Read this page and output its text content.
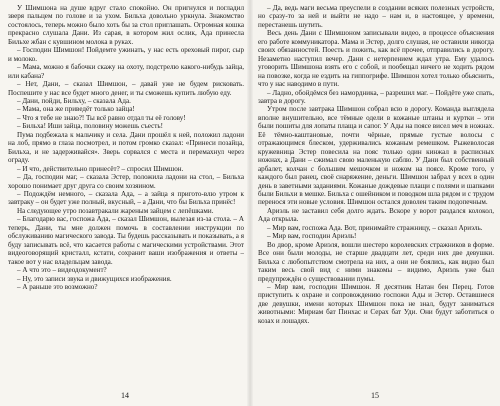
У Шимшона на душе вдруг стало спокойно. Он пригнулся и погладил зверя пальцем по голове и за ухом. Бильха довольно уркнула. Знакомство состоялось, теперь можно было хоть бы за стол приглашать. Огромная кошка прекрасно слушала Дани. Из сарая, в котором жил ослик, Ада принесла Бильхе жбан с кувшином молока в руках.

– Господин Шимшон! Пойдемте ужинать, у нас есть ореховый пирог, сыр и молоко.

– Мама, можно я бабочки скажу на охоту, подстрелю какого-нибудь зайца, или кабана?

– Нет, Дани, – сказал Шимшон, – давай уже не будем рисковать. Поспешите у нас все будет много денег, и ты сможешь купить любую еду.

– Дани, пойди, Бильху, – сказала Ада.

– Мама, она же приведёт только зайца!

– Что я тебе не знаю?! Ты всё равно отдал ты её голову!

– Бильха! Иши зайца, половину можешь съесть!

Пума подбежала к мальчику и села. Дани прошёл к ней, положил ладони на лоб, прямо в глаза посмотрел, и потом громко сказал: «Принеси позайца, Бильха, и не задерживайся». Зверь сорвался с места и перемахнул через ограду.

– И что, действительно принесёт? – спросил Шимшон.

– Да, господин маг, – сказала Эстер, положила ладони на стол, – Бильха хорошо понимает друг друга со своим хозяином.

– Подождём немного, – сказала Ада, – а зайца я пригото-влю утром к завтраку – он будет уже полный, вкусный, – а Дани, что бы Бильха принёс!

На следующее утро позавтракали жареным зайцем с лепёшками.

– Благодарю вас, госпожа Ада, – сказал Шимшон, вылезая из-за стола. – А теперь, Дани, ты мне должен помочь в составлении инструкции по обслуживанию магического завода. Ты будешь рассказывать и показывать, а я буду записывать всё, что касается работы с магическими устройствами. Этот видеоговорящий кристалл, кстати, сохранит ваши изображения и ответы – такое вот у нас владельцам завода.

– А что это – видеодокумент?

– Ну, это записи звука и движущихся изображения.

– А раньше это возможно?

14

– Да, ведь маги весьма преуспели в создании всяких полезных устройств, но сразу-то за ней и выйти не надо – нам и, в настоящее, у времени, перестанешь шутить.

Весь день Дани с Шимшоном записывали видео, в процессе объяснения его работе коммуникатора. Мама и Эстер, долго слушая, не оставили никогда своих обязанностей. Поесть и пожить, как всё прочее, отправились в дорогу. Незаметно наступил вечер. Дани с нетерпением ждал утра. Ему удалось уговорить Шимшона взять его с собой, и пообещал ничего не ходить рядом на повозке, когда не ездить на гиппогрифе. Шимшон хотел только обьяснить, что у нас наводимо в пути.

– Ладно, обойдёмся без намордника, – разрешил маг. – Пойдёте уже спать, завтра в дорогу.

Утром после завтрака Шимшон собрал всю в дорогу. Команда выглядела вполне внушительно, все тёмные одели в кожаные штаны и куртки – эти были пошиты для лопаты плаща и сапог. У Ады на поясе висел меч в ножнах. Её тёмно-каштановые, почти чёрные, прямые густые волосы с отражающимся блеском, удерживались кожаным ремешком. Рыжеволосая кружевница Эстер повесила на пояс только один кинжал в расписных ножнах, а Дани – сжимал свою маленькую саблю. У Дани был собственный арбалет, колчан с большим мешочком и ножом на поясе. Кроме того, у каждого был ранец, своё снаряжение, деньги. Шимшон забрал у всех в один день в заветными заданиями. Кожаные дождевые плащи с полями и шапками были Бильхи в мешке. Бильха с ошейником и поводком шла рядом и с трудом перенося эти новые условия. Шимшон остался доволен таким подопечным.

Ариэль не заставил себя долго ждать. Вскоре у ворот раздался колокол, Ада открыла.

– Мир вам, госпожа Ада. Вот, принимайте стражницу, – сказал Ариэль.

– Мир вам, господин Ариэль!

Во двор, кроме Ариэля, вошли шестеро королевских стражников в форме. Все они были молоды, не старше двадцати лет, среди них две девушки. Бильха с любопытством смотрела на них, а они не боялись, как видно был таким весь свой вид с ними знакомы – видимо, Ариэль уже был предупреждён о существовании пумы.

– Мир вам, господин Шимшон. Я десятник Натан бен Перец. Готов приступить к охране и сопровождению госпожи Ады и Эстер. Оставшиеся две девушки, имени которых Шимшон пока не знал, будут заниматься животными: Мириам бат Пинхас и Серах бат Уди. Они будут заботиться о козах и лошадях.

15
